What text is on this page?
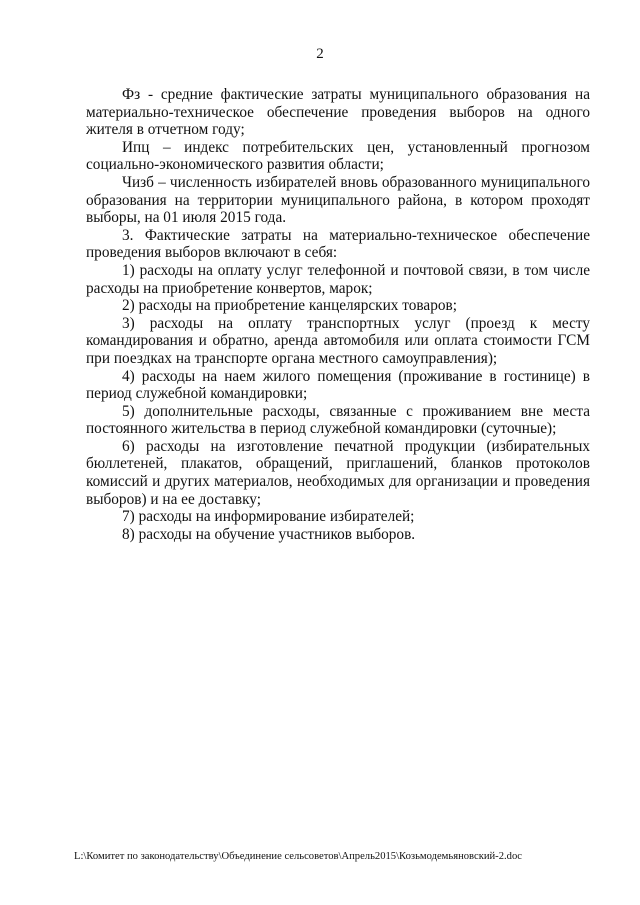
2
Фз - средние фактические затраты муниципального образования на
материально-техническое обеспечение проведения выборов на одного
жителя в отчетном году;
Ипц – индекс потребительских цен, установленный прогнозом
социально-экономического развития области;
Чизб – численность избирателей вновь образованного муниципального
образования на территории муниципального района, в котором проходят
выборы, на 01 июля 2015 года.
3. Фактические затраты на материально-техническое обеспечение
проведения выборов включают в себя:
1) расходы на оплату услуг телефонной и почтовой связи, в том числе
расходы на приобретение конвертов, марок;
2) расходы на приобретение канцелярских товаров;
3) расходы на оплату транспортных услуг (проезд к месту
командирования и обратно, аренда автомобиля или оплата стоимости ГСМ
при поездках на транспорте органа местного самоуправления);
4) расходы на наем жилого помещения (проживание в гостинице) в
период служебной командировки;
5) дополнительные расходы, связанные с проживанием вне места
постоянного жительства в период служебной командировки (суточные);
6) расходы на изготовление печатной продукции (избирательных
бюллетеней, плакатов, обращений, приглашений, бланков протоколов
комиссий и других материалов, необходимых для организации и проведения
выборов) и на ее доставку;
7) расходы на информирование избирателей;
8) расходы на обучение участников выборов.
L:\Комитет по законодательству\Объединение сельсоветов\Апрель2015\Козьмодемьяновский-2.doc
